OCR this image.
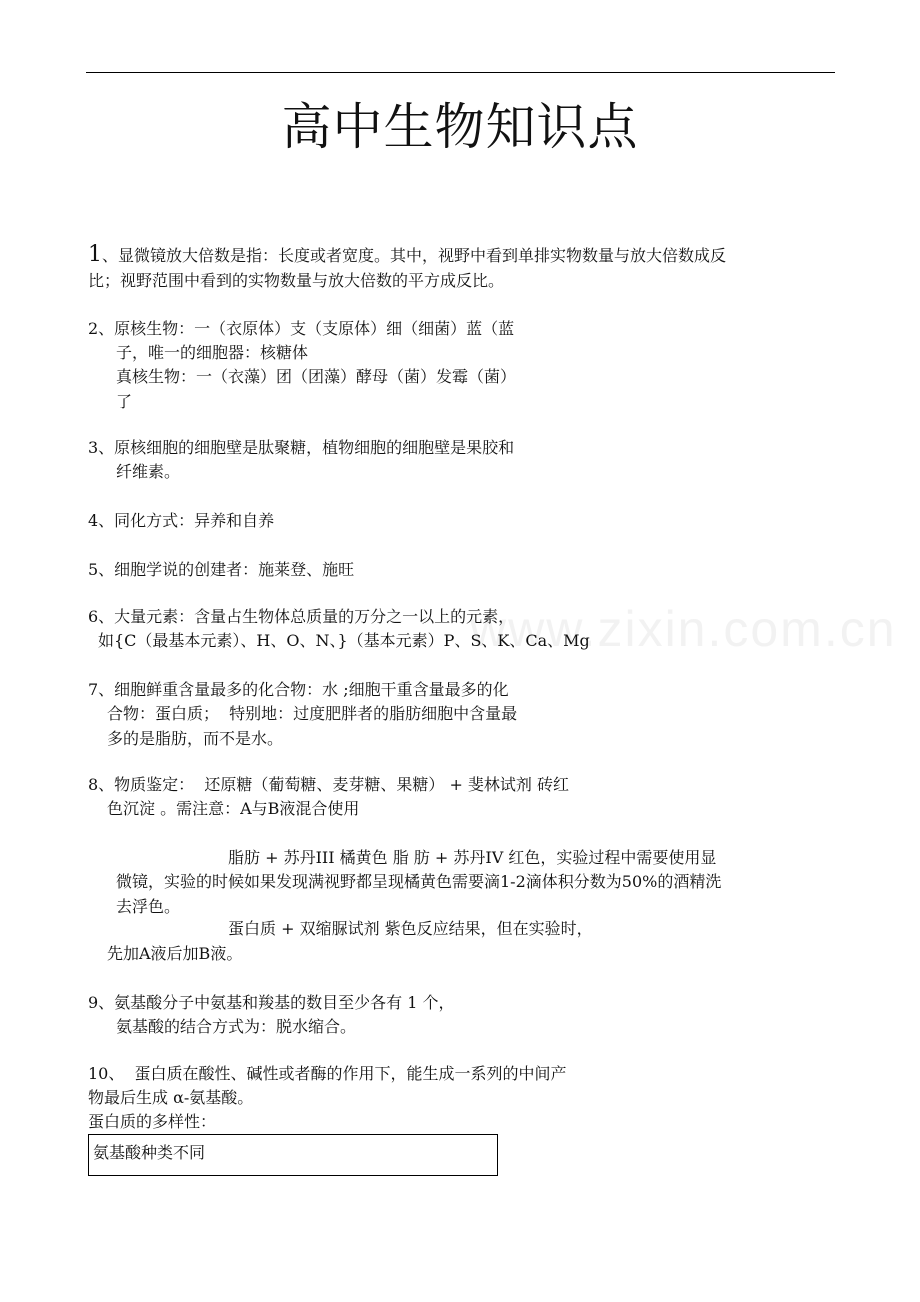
高中生物知识点
www.zixin.com.cn
1、显微镜放大倍数是指：长度或者宽度。其中，视野中看到单排实物数量与放大倍数成反
比；视野范围中看到的实物数量与放大倍数的平方成反比。
2、原核生物：一（衣原体）支（支原体）细（细菌）蓝（蓝
子，唯一的细胞器：核糖体
真核生物：一（衣藻）团（团藻）酵母（菌）发霉（菌）
了
3、原核细胞的细胞壁是肽聚糖，植物细胞的细胞壁是果胶和
纤维素。
4、同化方式：异养和自养
5、细胞学说的创建者：施莱登、施旺
6、大量元素：含量占生物体总质量的万分之一以上的元素，
如{C（最基本元素）、H、O、N、}（基本元素）P、S、K、Ca、Mg
7、细胞鲜重含量最多的化合物：水 ;细胞干重含量最多的化
合物：蛋白质；  特别地：过度肥胖者的脂肪细胞中含量最
多的是脂肪，而不是水。
8、物质鉴定：  还原糖（葡萄糖、麦芽糖、果糖） + 斐林试剂 砖红
色沉淀 。需注意：A与B液混合使用
脂肪 + 苏丹III 橘黄色 脂 肪 + 苏丹IV 红色，实验过程中需要使用显
微镜，实验的时候如果发现满视野都呈现橘黄色需要滴1-2滴体积分数为50%的酒精洗
去浮色。
蛋白质 + 双缩脲试剂 紫色反应结果，但在实验时，
先加A液后加B液。
9、氨基酸分子中氨基和羧基的数目至少各有 1 个，
氨基酸的结合方式为：脱水缩合。
10、  蛋白质在酸性、碱性或者酶的作用下，能生成一系列的中间产
物最后生成 α-氨基酸。
蛋白质的多样性：
氨基酸种类不同
